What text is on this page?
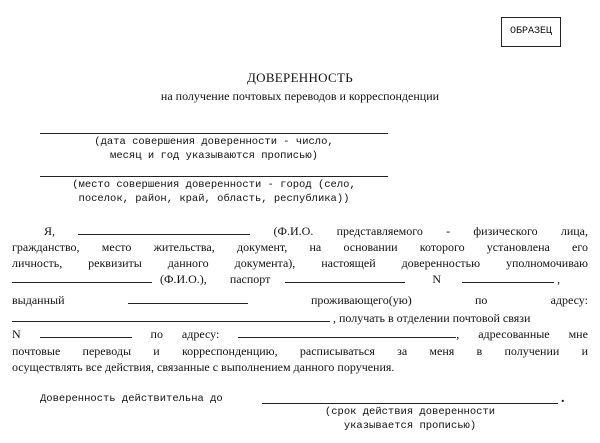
ОБРАЗЕЦ
ДОВЕРЕННОСТЬ
на получение почтовых переводов и корреспонденции
(дата совершения доверенности - число,
месяц и год указываются прописью)
(место совершения доверенности - город (село,
поселок, район, край, область, республика))
Я,	(Ф.И.О. представляемого - физического лица,
гражданство, место жительства, документ, на основании которого установлена его
личность, реквизиты данного документа), настоящей доверенностью уполномочиваю
(Ф.И.О.), паспорт	N	,
выданный	проживающего(ую)	по	адресу:
, получать в отделении почтовой связи
N	по адресу:	, адресованные мне
почтовые переводы и корреспонденцию, расписываться за меня в получении и
осуществлять все действия, связанные с выполнением данного поручения.
Доверенность действительна до	.
(срок действия доверенности
указывается прописью)
